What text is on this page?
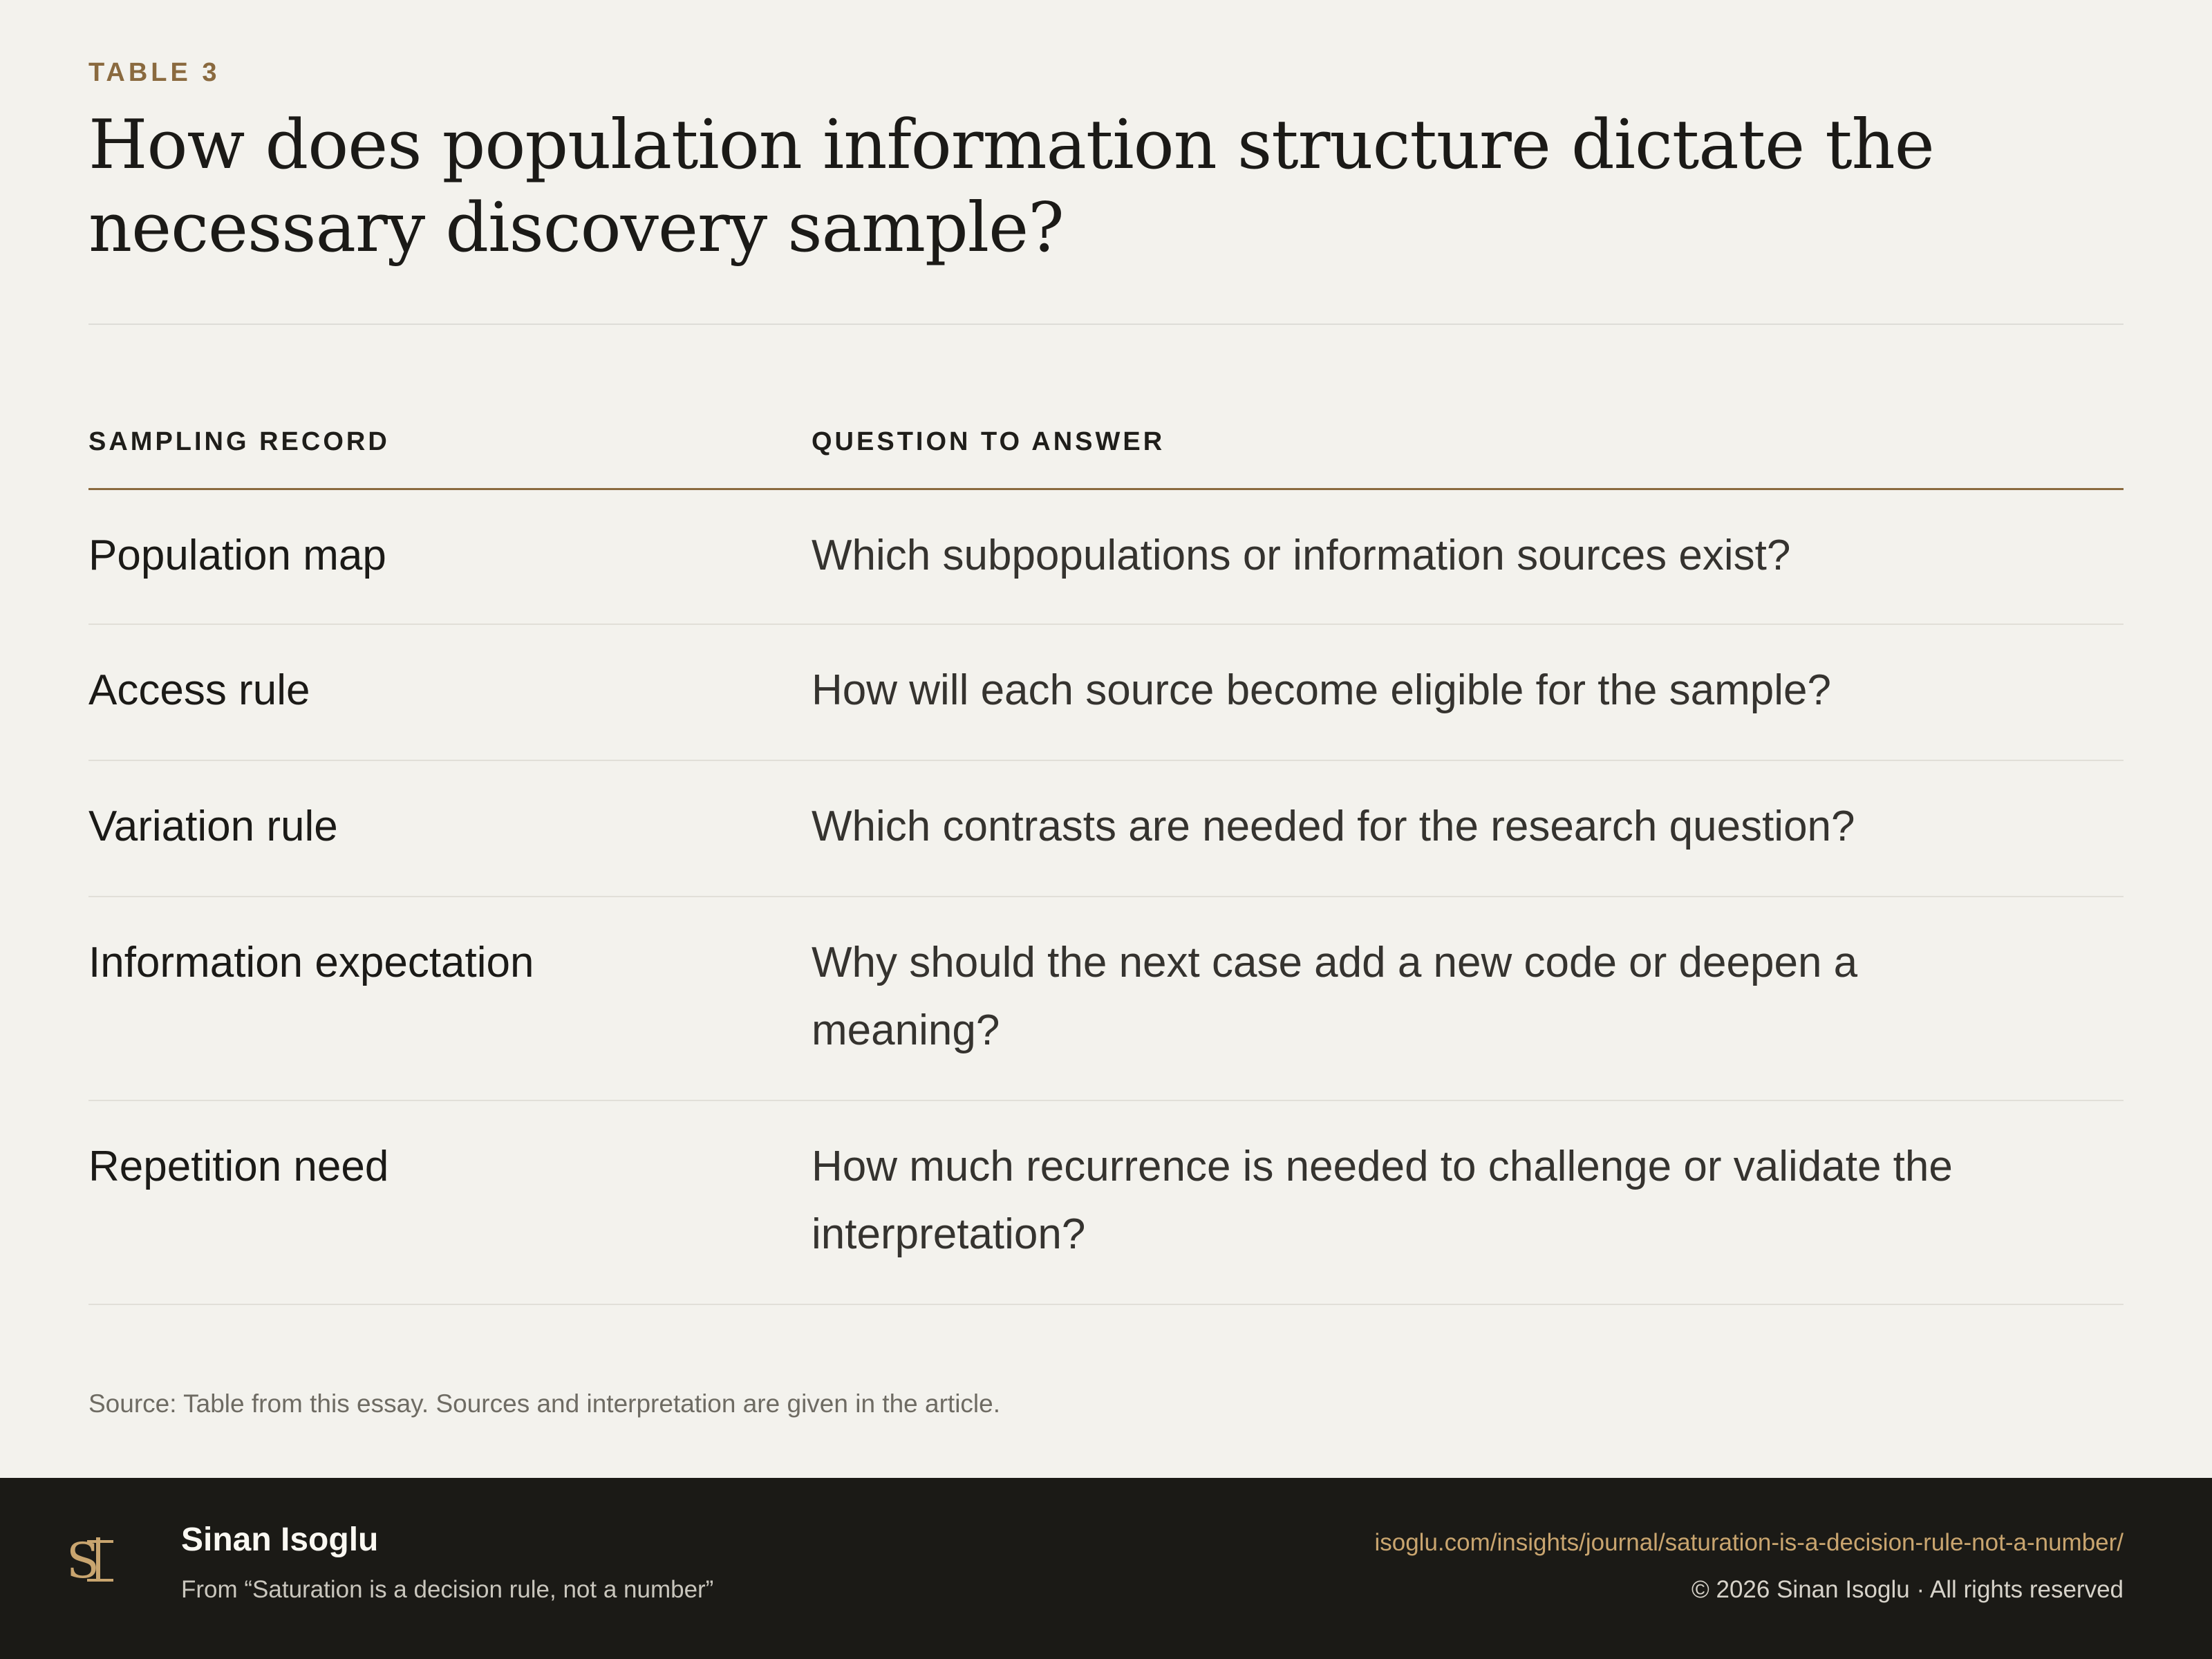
TABLE 3
How does population information structure dictate the necessary discovery sample?
SAMPLING RECORD	QUESTION TO ANSWER
Population map	Which subpopulations or information sources exist?
Access rule	How will each source become eligible for the sample?
Variation rule	Which contrasts are needed for the research question?
Information expectation	Why should the next case add a new code or deepen a meaning?
Repetition need	How much recurrence is needed to challenge or validate the interpretation?
Source: Table from this essay. Sources and interpretation are given in the article.
S Sinan Isoglu
From “Saturation is a decision rule, not a number”
isoglu.com/insights/journal/saturation-is-a-decision-rule-not-a-number/
© 2026 Sinan Isoglu · All rights reserved
